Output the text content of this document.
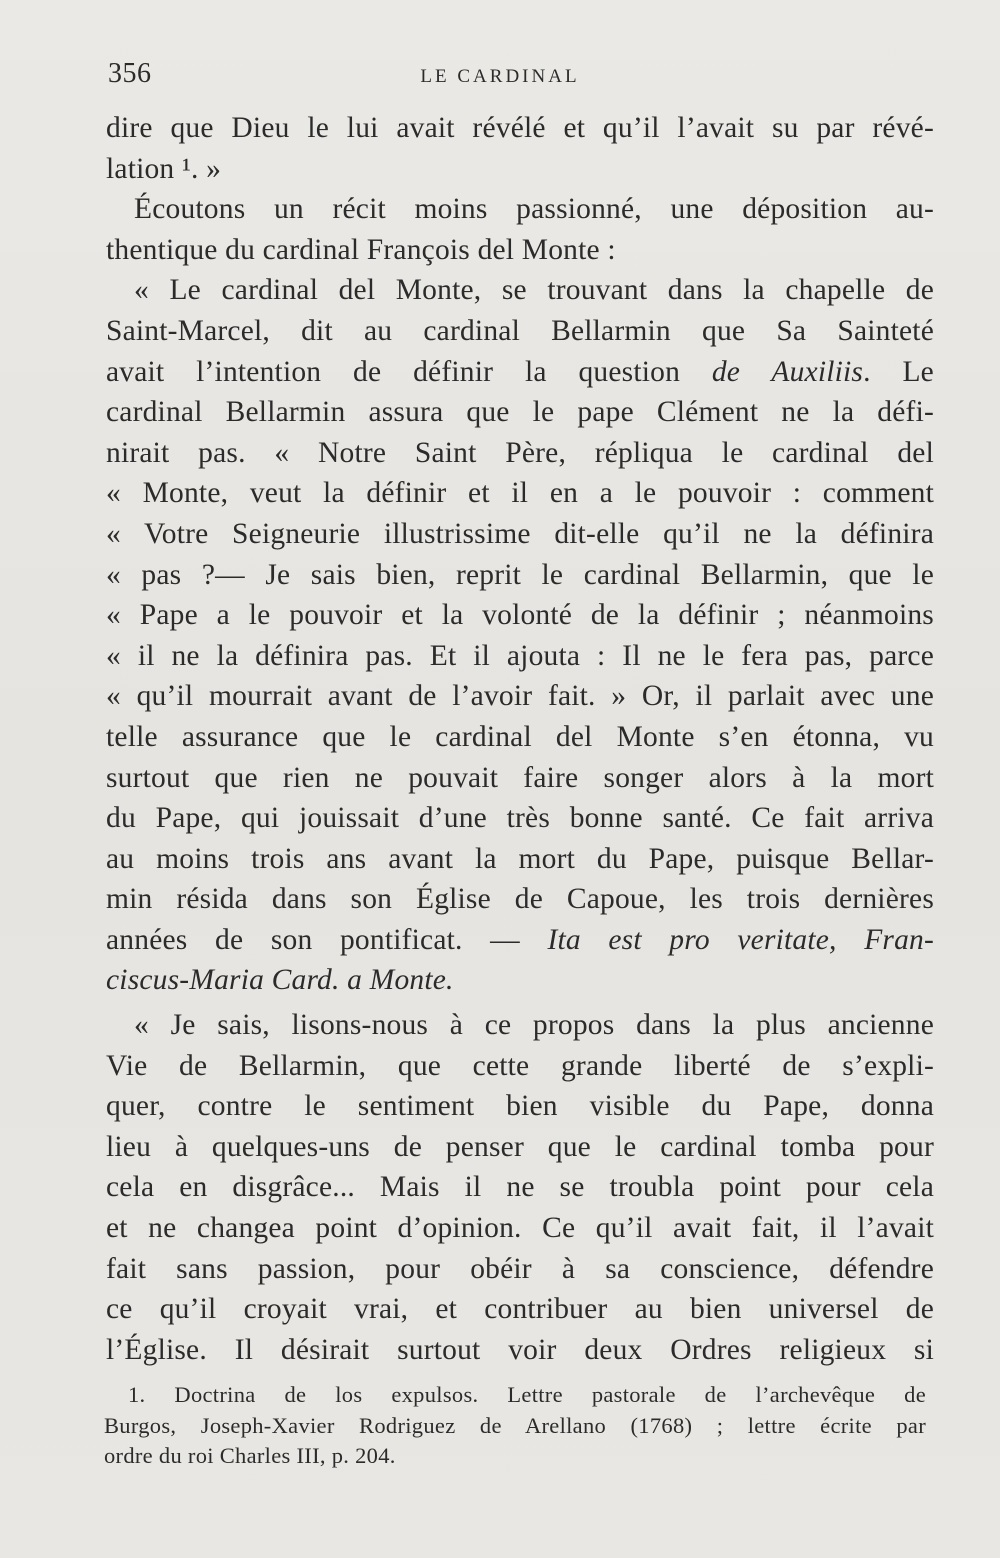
356	LE CARDINAL
dire que Dieu le lui avait révélé et qu’il l’avait su par révé-
lation ¹. »
Écoutons un récit moins passionné, une déposition au-
thentique du cardinal François del Monte :
« Le cardinal del Monte, se trouvant dans la chapelle de
Saint-Marcel, dit au cardinal Bellarmin que Sa Sainteté
avait l’intention de définir la question de Auxiliis. Le
cardinal Bellarmin assura que le pape Clément ne la défi-
nirait pas. « Notre Saint Père, répliqua le cardinal del
« Monte, veut la définir et il en a le pouvoir : comment
« Votre Seigneurie illustrissime dit-elle qu’il ne la définira
« pas ?— Je sais bien, reprit le cardinal Bellarmin, que le
« Pape a le pouvoir et la volonté de la définir ; néanmoins
« il ne la définira pas. Et il ajouta : Il ne le fera pas, parce
« qu’il mourrait avant de l’avoir fait. » Or, il parlait avec une
telle assurance que le cardinal del Monte s’en étonna, vu
surtout que rien ne pouvait faire songer alors à la mort
du Pape, qui jouissait d’une très bonne santé. Ce fait arriva
au moins trois ans avant la mort du Pape, puisque Bellar-
min résida dans son Église de Capoue, les trois dernières
années de son pontificat. — Ita est pro veritate, Fran-
ciscus-Maria Card. a Monte.
« Je sais, lisons-nous à ce propos dans la plus ancienne
Vie de Bellarmin, que cette grande liberté de s’expli-
quer, contre le sentiment bien visible du Pape, donna
lieu à quelques-uns de penser que le cardinal tomba pour
cela en disgrâce... Mais il ne se troubla point pour cela
et ne changea point d’opinion. Ce qu’il avait fait, il l’avait
fait sans passion, pour obéir à sa conscience, défendre
ce qu’il croyait vrai, et contribuer au bien universel de
l’Église. Il désirait surtout voir deux Ordres religieux si
1. Doctrina de los expulsos. Lettre pastorale de l’archevêque de
Burgos, Joseph-Xavier Rodriguez de Arellano (1768) ; lettre écrite par
ordre du roi Charles III, p. 204.
